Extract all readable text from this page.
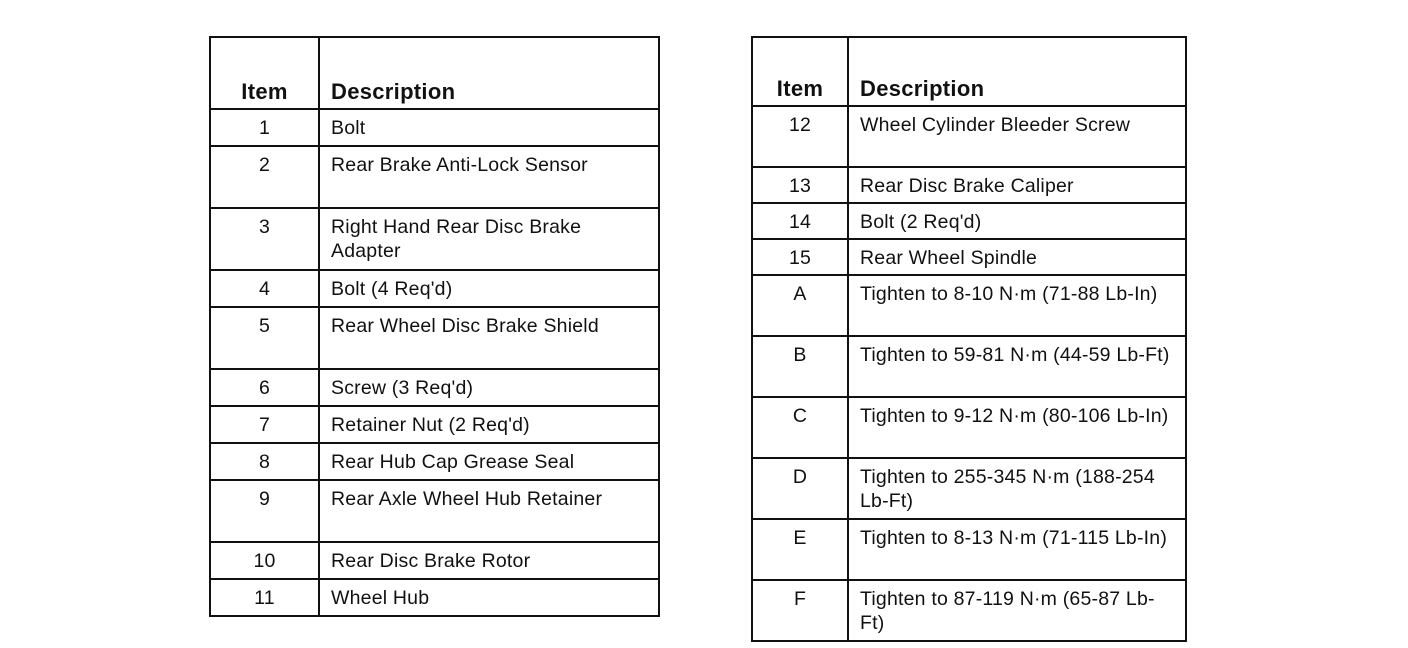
Item	Description
1	Bolt
2	Rear Brake Anti-Lock Sensor
3	Right Hand Rear Disc Brake Adapter
4	Bolt (4 Req'd)
5	Rear Wheel Disc Brake Shield
6	Screw (3 Req'd)
7	Retainer Nut (2 Req'd)
8	Rear Hub Cap Grease Seal
9	Rear Axle Wheel Hub Retainer
10	Rear Disc Brake Rotor
11	Wheel Hub
Item	Description
12	Wheel Cylinder Bleeder Screw
13	Rear Disc Brake Caliper
14	Bolt (2 Req'd)
15	Rear Wheel Spindle
A	Tighten to 8-10 N·m (71-88 Lb-In)
B	Tighten to 59-81 N·m (44-59 Lb-Ft)
C	Tighten to 9-12 N·m (80-106 Lb-In)
D	Tighten to 255-345 N·m (188-254 Lb-Ft)
E	Tighten to 8-13 N·m (71-115 Lb-In)
F	Tighten to 87-119 N·m (65-87 Lb-Ft)
